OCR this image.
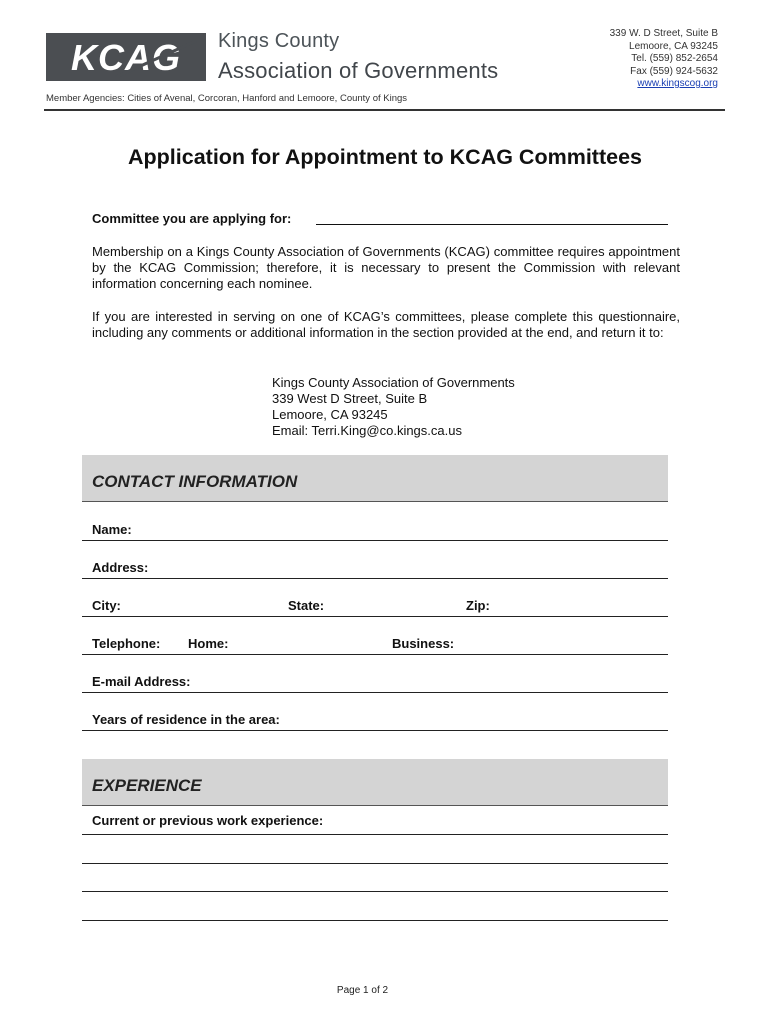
KCAG Kings County
Association of Governments
339 W. D Street, Suite B
Lemoore, CA 93245
Tel. (559) 852-2654
Fax (559) 924-5632
www.kingscog.org
Member Agencies: Cities of Avenal, Corcoran, Hanford and Lemoore, County of Kings
Application for Appointment to KCAG Committees
Committee you are applying for:
Membership on a Kings County Association of Governments (KCAG) committee requires appointment by the KCAG Commission; therefore, it is necessary to present the Commission with relevant information concerning each nominee.
If you are interested in serving on one of KCAG’s committees, please complete this questionnaire, including any comments or additional information in the section provided at the end, and return it to:
Kings County Association of Governments
339 West D Street, Suite B
Lemoore, CA 93245
Email: Terri.King@co.kings.ca.us
CONTACT INFORMATION
Name:
Address:
City:	State:	Zip:
Telephone: Home:	Business:
E-mail Address:
Years of residence in the area:
EXPERIENCE
Current or previous work experience:
Page 1 of 2
